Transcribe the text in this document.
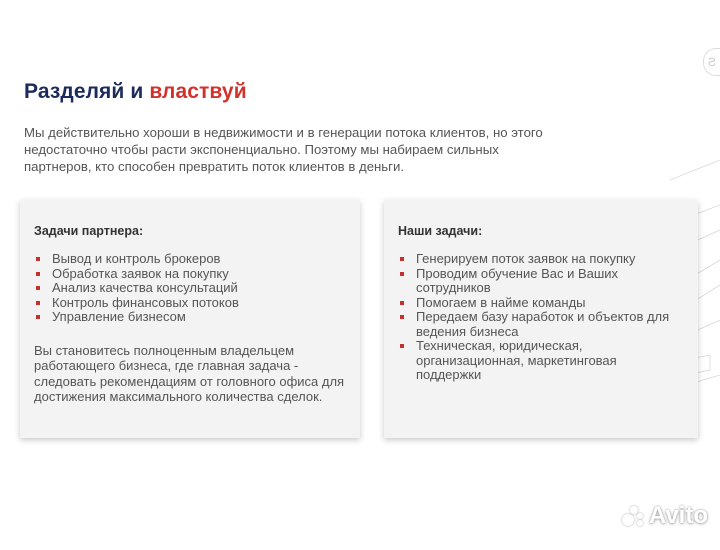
Ƨ
Разделяй и властвуй

Мы действительно хороши в недвижимости и в генерации потока клиентов, но этого недостаточно чтобы расти экспоненциально. Поэтому мы набираем сильных партнеров, кто способен превратить поток клиентов в деньги.

Задачи партнера:
Вывод и контроль брокеров
Обработка заявок на покупку
Анализ качества консультаций
Контроль финансовых потоков
Управление бизнесом

Вы становитесь полноценным владельцем работающего бизнеса, где главная задача - следовать рекомендациям от головного офиса для достижения максимального количества сделок.

Наши задачи:
Генерируем поток заявок на покупку
Проводим обучение Вас и Ваших сотрудников
Помогаем в найме команды
Передаем базу наработок и объектов для ведения бизнеса
Техническая, юридическая, организационная, маркетинговая поддержки
Avito
